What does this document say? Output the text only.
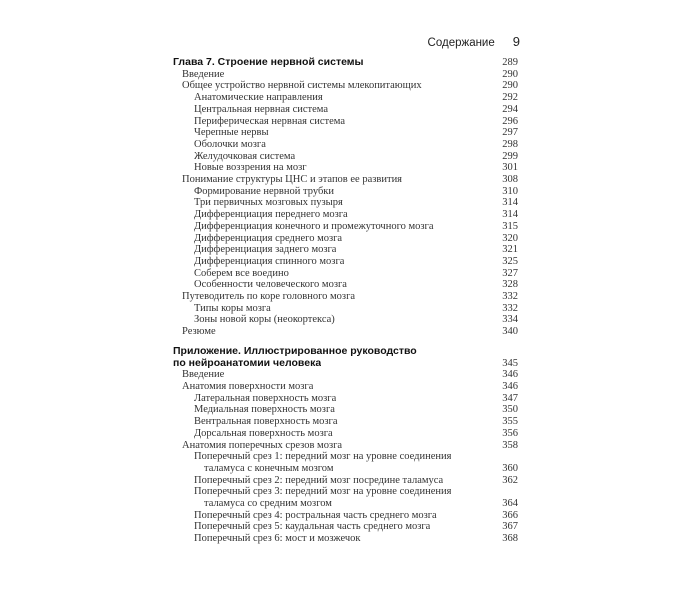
Содержание 9
Глава 7. Строение нервной системы	289
Введение	290
Общее устройство нервной системы млекопитающих	290
Анатомические направления	292
Центральная нервная система	294
Периферическая нервная система	296
Черепные нервы	297
Оболочки мозга	298
Желудочковая система	299
Новые воззрения на мозг	301
Понимание структуры ЦНС и этапов ее развития	308
Формирование нервной трубки	310
Три первичных мозговых пузыря	314
Дифференциация переднего мозга	314
Дифференциация конечного и промежуточного мозга	315
Дифференциация среднего мозга	320
Дифференциация заднего мозга	321
Дифференциация спинного мозга	325
Соберем все воедино	327
Особенности человеческого мозга	328
Путеводитель по коре головного мозга	332
Типы коры мозга	332
Зоны новой коры (неокортекса)	334
Резюме	340
Приложение. Иллюстрированное руководство
по нейроанатомии человека	345
Введение	346
Анатомия поверхности мозга	346
Латеральная поверхность мозга	347
Медиальная поверхность мозга	350
Вентральная поверхность мозга	355
Дорсальная поверхность мозга	356
Анатомия поперечных срезов мозга	358
Поперечный срез 1: передний мозг на уровне соединения
таламуса с конечным мозгом	360
Поперечный срез 2: передний мозг посредине таламуса	362
Поперечный срез 3: передний мозг на уровне соединения
таламуса со средним мозгом	364
Поперечный срез 4: ростральная часть среднего мозга	366
Поперечный срез 5: каудальная часть среднего мозга	367
Поперечный срез 6: мост и мозжечок	368
